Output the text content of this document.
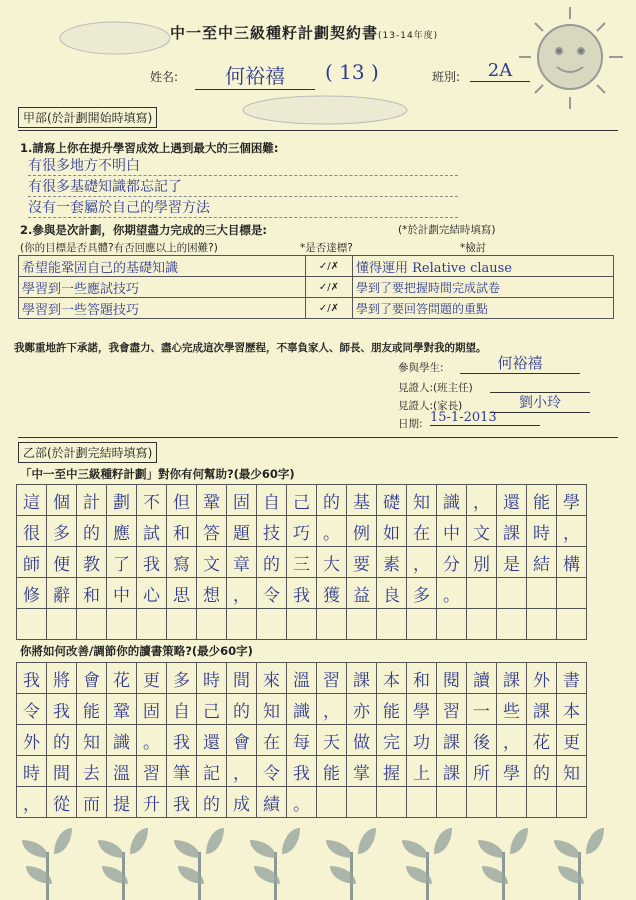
中一至中三級種籽計劃契約書(13-14年度)
姓名:	何裕禧	( 13 )	班別:	2A
甲部(於計劃開始時填寫)
1.請寫上你在提升學習成效上遇到最大的三個困難:
有很多地方不明白
有很多基礎知識都忘記了
沒有一套屬於自己的學習方法
2.參與是次計劃，你期望盡力完成的三大目標是:	(*於計劃完結時填寫)
(你的目標是否具體?有否回應以上的困難?)	*是否達標?	*檢討
希望能鞏固自己的基礎知識	✓/✗	懂得運用 Relative clause
學習到一些應試技巧	✓/✗	學到了要把握時間完成試卷
學習到一些答題技巧	✓/✗	學到了要回答問題的重點
我鄭重地許下承諾，我會盡力、盡心完成這次學習歷程，不辜負家人、師長、朋友或同學對我的期望。
參與學生:	何裕禧
見證人:(班主任)
見證人:(家長)	劉小玲
日期: 15-1-2013
乙部(於計劃完結時填寫)
「中一至中三級種籽計劃」對你有何幫助?(最少60字)
這 個 計 劃 不 但 鞏 固 自 己 的 基 礎 知 識 ， 還 能 學
很 多 的 應 試 和 答 題 技 巧 。 例 如 在 中 文 課 時 ，
師 便 教 了 我 寫 文 章 的 三 大 要 素 ， 分 別 是 結 構
修 辭 和 中 心 思 想 ， 令 我 獲 益 良 多 。
你將如何改善/調節你的讀書策略?(最少60字)
我 將 會 花 更 多 時 間 來 溫 習 課 本 和 閱 讀 課 外 書
令 我 能 鞏 固 自 己 的 知 識 ， 亦 能 學 習 一 些 課 本
外 的 知 識 。 我 還 會 在 每 天 做 完 功 課 後 ， 花 更
時 間 去 溫 習 筆 記 ， 令 我 能 掌 握 上 課 所 學 的 知
， 從 而 提 升 我 的 成 績 。
